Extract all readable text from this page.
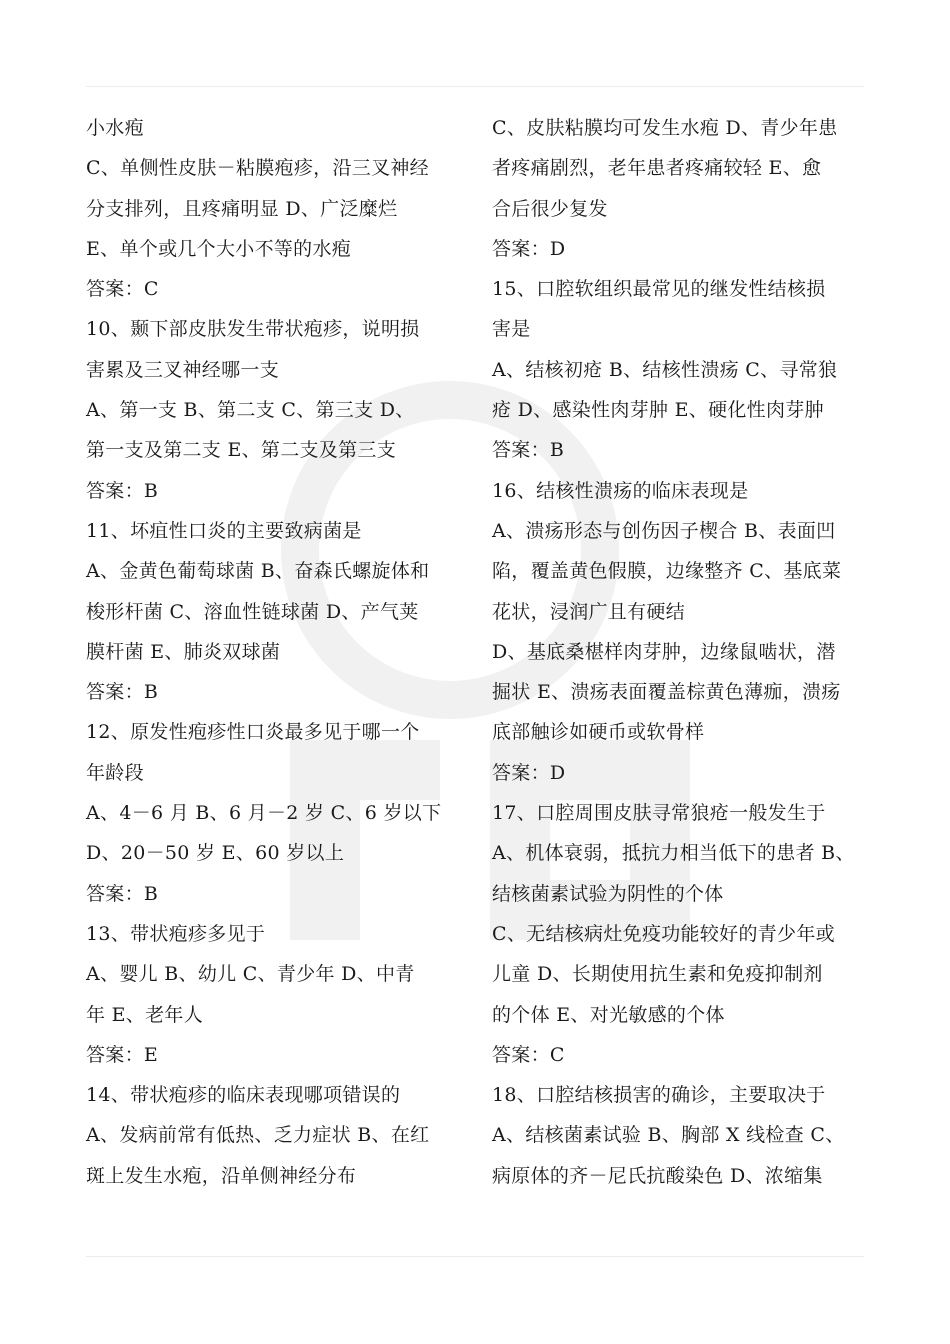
小水疱
C、单侧性皮肤－粘膜疱疹，沿三叉神经
分支排列，且疼痛明显 D、广泛糜烂
E、单个或几个大小不等的水疱
答案：C
10、颞下部皮肤发生带状疱疹，说明损
害累及三叉神经哪一支
A、第一支 B、第二支 C、第三支 D、
第一支及第二支 E、第二支及第三支
答案：B
11、坏疽性口炎的主要致病菌是
A、金黄色葡萄球菌 B、奋森氏螺旋体和
梭形杆菌 C、溶血性链球菌 D、产气荚
膜杆菌 E、肺炎双球菌
答案：B
12、原发性疱疹性口炎最多见于哪一个
年龄段
A、4－6 月 B、6 月－2 岁 C、6 岁以下
D、20－50 岁 E、60 岁以上
答案：B
13、带状疱疹多见于
A、婴儿 B、幼儿 C、青少年 D、中青
年 E、老年人
答案：E
14、带状疱疹的临床表现哪项错误的
A、发病前常有低热、乏力症状 B、在红
斑上发生水疱，沿单侧神经分布
C、皮肤粘膜均可发生水疱 D、青少年患
者疼痛剧烈，老年患者疼痛较轻 E、愈
合后很少复发
答案：D
15、口腔软组织最常见的继发性结核损
害是
A、结核初疮 B、结核性溃疡 C、寻常狼
疮 D、感染性肉芽肿 E、硬化性肉芽肿
答案：B
16、结核性溃疡的临床表现是
A、溃疡形态与创伤因子楔合 B、表面凹
陷，覆盖黄色假膜，边缘整齐 C、基底菜
花状，浸润广且有硬结
D、基底桑椹样肉芽肿，边缘鼠啮状，潜
掘状 E、溃疡表面覆盖棕黄色薄痂，溃疡
底部触诊如硬币或软骨样
答案：D
17、口腔周围皮肤寻常狼疮一般发生于
A、机体衰弱，抵抗力相当低下的患者 B、
结核菌素试验为阴性的个体
C、无结核病灶免疫功能较好的青少年或
儿童 D、长期使用抗生素和免疫抑制剂
的个体 E、对光敏感的个体
答案：C
18、口腔结核损害的确诊，主要取决于
A、结核菌素试验 B、胸部 X 线检查 C、
病原体的齐－尼氏抗酸染色 D、浓缩集
